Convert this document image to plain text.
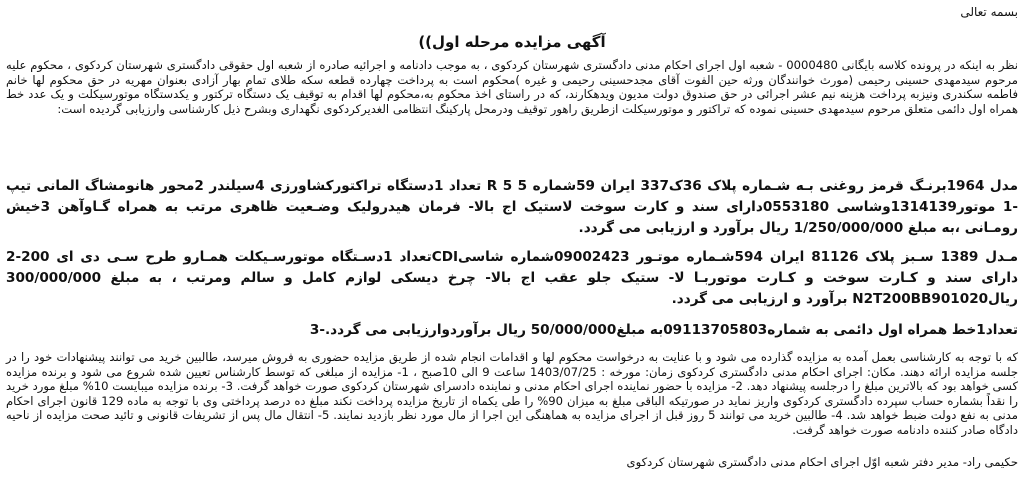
بسمه تعالی

آگهی مزایده مرحله اول))

نظر به اینکه در پرونده کلاسه بایگانی 0000480 - شعبه اول اجرای احکام مدنی دادگستری شهرستان کردکوی ، به موجب دادنامه و اجرائیه صادره از شعبه اول حقوقی دادگستری شهرستان کردکوی ، محکوم علیه مرحوم سیدمهدی حسینی رحیمی (مورث خوانندگان ورثه حین الفوت آقای مجدحسینی رحیمی و غیره )محکوم است به پرداخت چهارده قطعه سکه طلای تمام بهار آزادی بعنوان مهریه در حق محکوم لها خانم فاطمه سکندری ونیزبه پرداخت هزینه نیم عشر اجرائی در حق صندوق دولت مدیون ویدهکارند، که در راستای اخذ محکوم به،محکوم لها اقدام به توقیف یک دستگاه ترکتور و یکدستگاه موتورسیکلت و یک عدد خط همراه اول دائمی متعلق مرحوم سیدمهدی حسینی نموده که تراکتور و موتورسیکلت ازطریق راهور توقیف ودرمحل پارکینگ انتظامی الغدیرکردکوی نگهداری وبشرح ذیل کارشناسی وارزیابی گردیده است:

مدل 1964برنـگ قرمز روغنی بـه شـماره پلاک 36ک337 ایران 59شماره 5 5 R تعداد 1دستگاه تراکتورکشاورزی 4سیلندر 2محور هانومشاگ المانی تیپ -1 موتور1314139وشاسی 0553180دارای سند و کارت سوخت لاستیک اج بالا- فرمان هیدرولیک وضـعیت ظاهری مرتب به همراه گـاوآهن 3خیش رومـانی ،به مبلغ 1/250/000/000 ریال برآورد و ارزیابی می گردد.

مـدل 1389 سـبز پلاک 81126 ایران 594شـماره موتـور 09002423شماره شاسیCDIتعداد 1دسـتگاه موتورسـیکلت همـارو طرح سـی دی ای 200-2 دارای سند و کـارت سوخت و کـارت موتوربـا لا- ستیک جلو عقب اج بالا- چرخ دیسکی لوازم کامل و سالم ومرتب ، به مبلغ 300/000/000 ریالN2T200BB901020 برآورد و ارزیابی می گردد.

تعداد1خط همراه اول دائمی به شماره09113705803به مبلغ50/000/000 ریال برآوردوارزیابی می گردد.-3

که با توجه به کارشناسی بعمل آمده به مزایده گذارده می شود و با عنایت به درخواست محکوم لها و اقدامات انجام شده از طریق مزایده حضوری به فروش میرسد، طالبین خرید می توانند پیشنهادات خود را در جلسه مزایده ارائه دهند. مکان: اجرای احکام مدنی دادگستری کردکوی زمان: مورخه : 1403/07/25 ساعت 9 الی 10صبح ، 1- مزایده از مبلغی که توسط کارشناس تعیین شده شروع می شود و برنده مزایده کسی خواهد بود که بالاترین مبلغ را درجلسه پیشنهاد دهد. 2- مزایده با حضور نماینده اجرای احکام مدنی و نماینده دادسرای شهرستان کردکوی صورت خواهد گرفت. 3- برنده مزایده میبایست 10% مبلغ مورد خرید را نقداً بشماره حساب سپرده دادگستری کردکوی واریز نماید در صورتیکه الباقی مبلغ به میزان 90% را طی یکماه از تاریخ مزایده پرداخت نکند مبلغ ده درصد پرداختی وی با توجه به ماده 129 قانون اجرای احکام مدنی به نفع دولت ضبط خواهد شد. 4- طالبین خرید می توانند 5 روز قبل از اجرای مزایده به هماهنگی این اجرا از مال مورد نظر بازدید نمایند. 5- انتقال مال پس از تشریفات قانونی و تائید صحت مزایده از ناحیه دادگاه صادر کننده دادنامه صورت خواهد گرفت.

حکیمی راد- مدیر دفتر شعبه اوّل اجرای احکام مدنی دادگستری شهرستان کردکوی
